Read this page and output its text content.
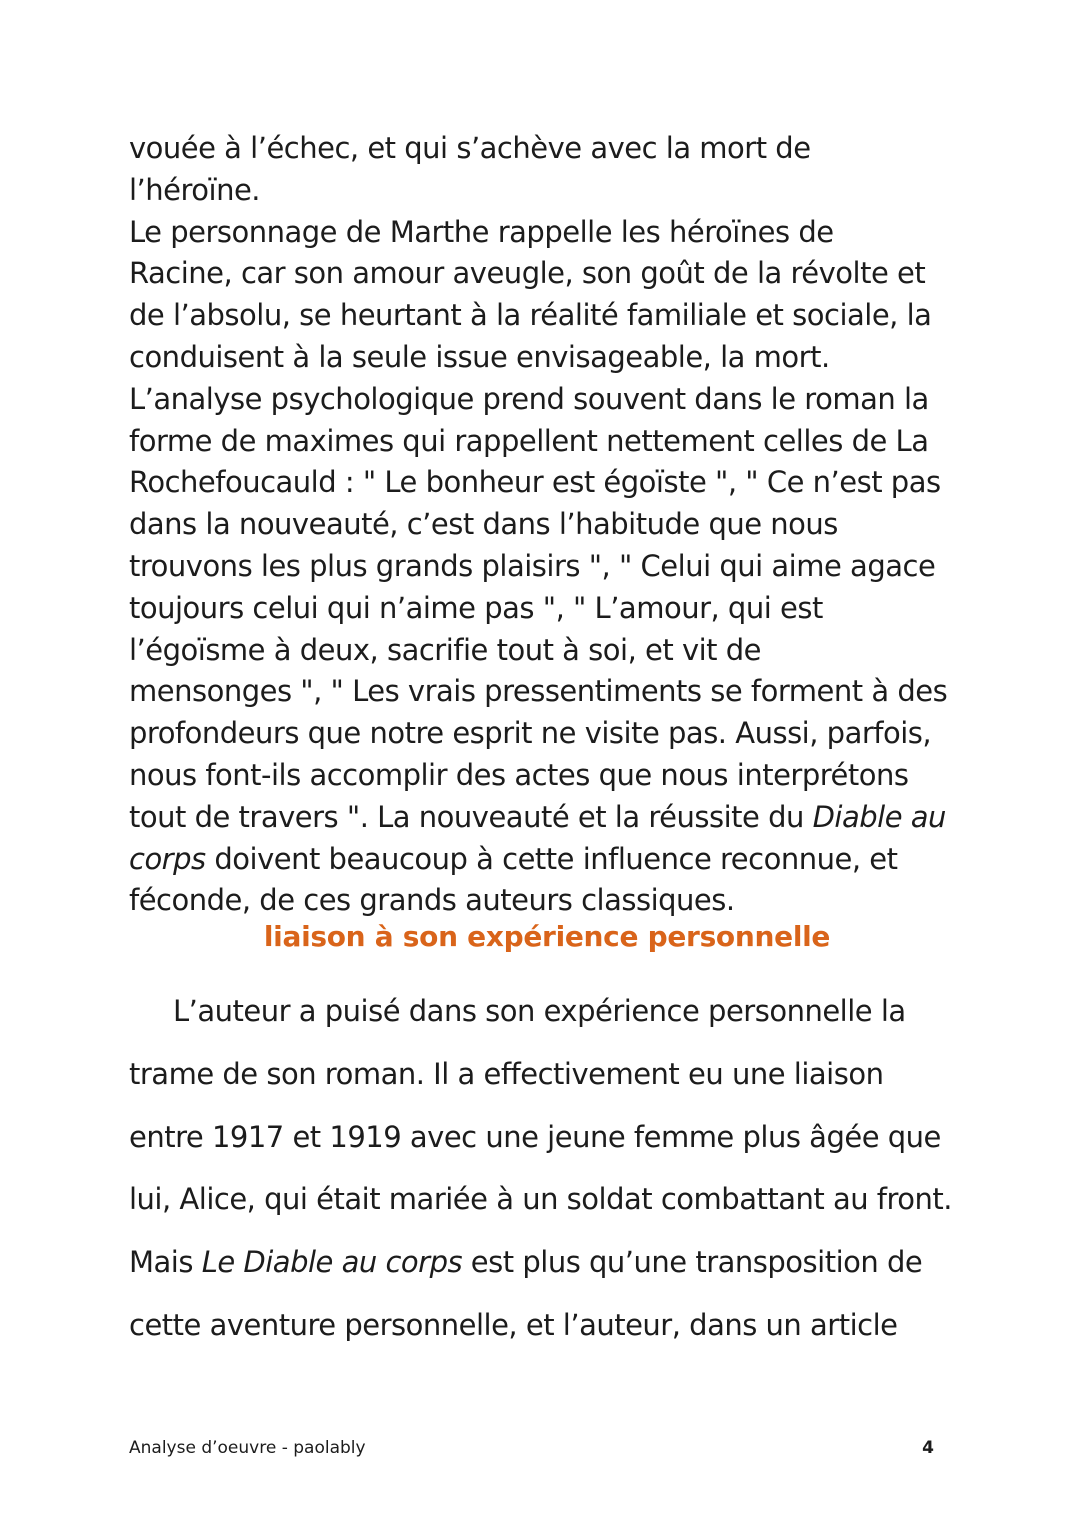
vouée à l’échec, et qui s’achève avec la mort de l’héroïne.
Le personnage de Marthe rappelle les héroïnes de
Racine, car son amour aveugle, son goût de la révolte et
de l’absolu, se heurtant à la réalité familiale et sociale, la
conduisent à la seule issue envisageable, la mort.
L’analyse psychologique prend souvent dans le roman la
forme de maximes qui rappellent nettement celles de La
Rochefoucauld : " Le bonheur est égoïste ", " Ce n’est pas
dans la nouveauté, c’est dans l’habitude que nous
trouvons les plus grands plaisirs ", " Celui qui aime agace
toujours celui qui n’aime pas ", " L’amour, qui est
l’égoïsme à deux, sacrifie tout à soi, et vit de
mensonges ", " Les vrais pressentiments se forment à des
profondeurs que notre esprit ne visite pas. Aussi, parfois,
nous font-ils accomplir des actes que nous interprétons
tout de travers ". La nouveauté et la réussite du Diable au
corps doivent beaucoup à cette influence reconnue, et
féconde, de ces grands auteurs classiques.
liaison à son expérience personnelle
L’auteur a puisé dans son expérience personnelle la
trame de son roman. Il a effectivement eu une liaison
entre 1917 et 1919 avec une jeune femme plus âgée que
lui, Alice, qui était mariée à un soldat combattant au front.
Mais Le Diable au corps est plus qu’une transposition de
cette aventure personnelle, et l’auteur, dans un article
Analyse d’oeuvre - paolably	4
